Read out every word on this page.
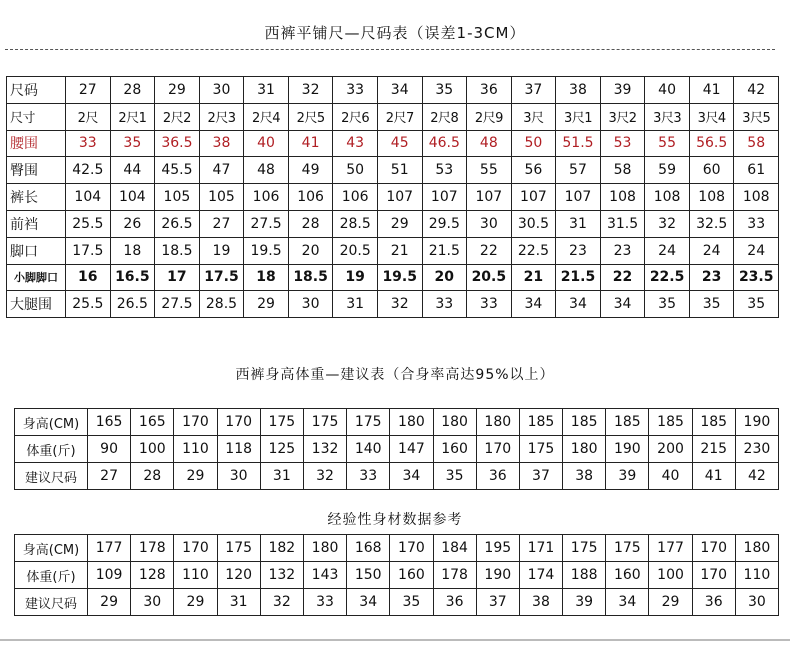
西裤平铺尺—尺码表（误差1-3CM）
尺码	27	28	29	30	31	32	33	34	35	36	37	38	39	40	41	42
尺寸	2尺	2尺1	2尺2	2尺3	2尺4	2尺5	2尺6	2尺7	2尺8	2尺9	3尺	3尺1	3尺2	3尺3	3尺4	3尺5
腰围	33	35	36.5	38	40	41	43	45	46.5	48	50	51.5	53	55	56.5	58
臀围	42.5	44	45.5	47	48	49	50	51	53	55	56	57	58	59	60	61
裤长	104	104	105	105	106	106	106	107	107	107	107	107	108	108	108	108
前裆	25.5	26	26.5	27	27.5	28	28.5	29	29.5	30	30.5	31	31.5	32	32.5	33
脚口	17.5	18	18.5	19	19.5	20	20.5	21	21.5	22	22.5	23	23	24	24	24
小脚脚口	16	16.5	17	17.5	18	18.5	19	19.5	20	20.5	21	21.5	22	22.5	23	23.5
大腿围	25.5	26.5	27.5	28.5	29	30	31	32	33	33	34	34	34	35	35	35
西裤身高体重—建议表（合身率高达95%以上）
身高(CM)	165	165	170	170	175	175	175	180	180	180	185	185	185	185	185	190
体重(斤)	90	100	110	118	125	132	140	147	160	170	175	180	190	200	215	230
建议尺码	27	28	29	30	31	32	33	34	35	36	37	38	39	40	41	42
经验性身材数据参考
身高(CM)	177	178	170	175	182	180	168	170	184	195	171	175	175	177	170	180
体重(斤)	109	128	110	120	132	143	150	160	178	190	174	188	160	100	170	110
建议尺码	29	30	29	31	32	33	34	35	36	37	38	39	34	29	36	30
